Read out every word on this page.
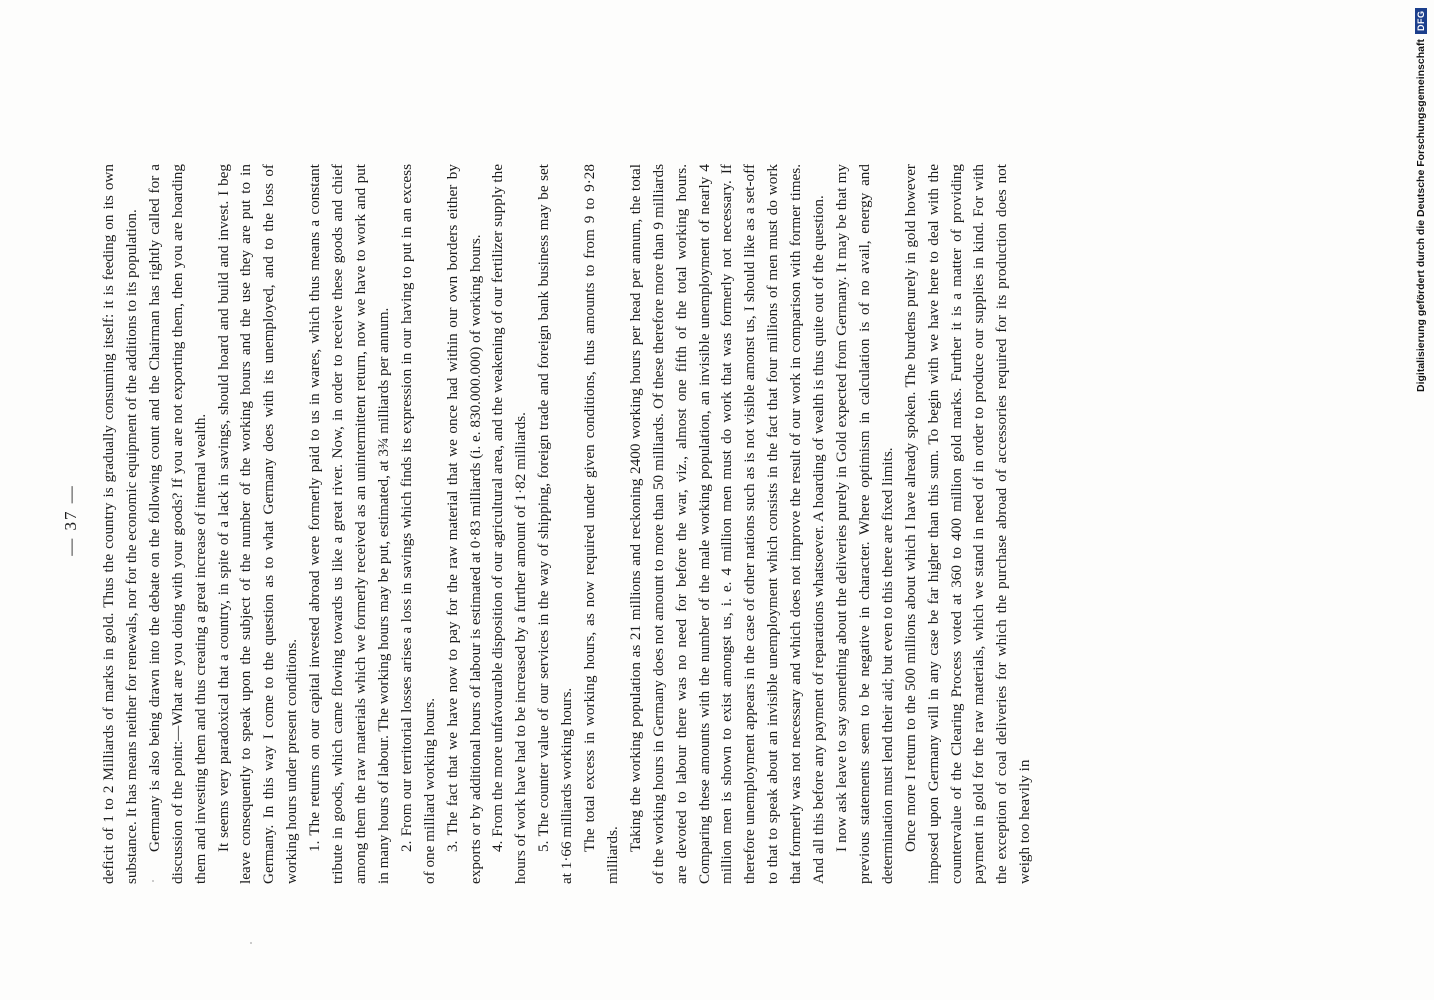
— 37 — deficit of 1 to 2 Milliards of marks in gold. Thus the country is gradually consuming itself: it is feeding on its own substance. It has means neither for renewals, nor for the economic equipment of the additions to its population. Germany is also being drawn into the debate on the following count and the Chairman has rightly called for a discussion of the point:—What are you doing with your goods? If you are not exporting them, then you are hoarding them and investing them and thus creating a great increase of internal wealth. It seems very paradoxical that a country, in spite of a lack in savings, should hoard and build and invest. I beg leave consequently to speak upon the subject of the number of the working hours and the use they are put to in Germany. In this way I come to the question as to what Germany does with its unemployed, and to the loss of working hours under present conditions. 1. The returns on our capital invested abroad were formerly paid to us in wares, which thus means a constant tribute in goods, which came flowing towards us like a great river. Now, in order to receive these goods and chief among them the raw materials which we formerly received as an unintermittent return, now we have to work and put in many hours of labour. The working hours may be put, estimated, at 3¾ milliards per annum. 2. From our territorial losses arises a loss in savings which finds its expression in our having to put in an excess of one milliard working hours. 3. The fact that we have now to pay for the raw material that we once had within our own borders either by exports or by additional hours of labour is estimated at 0·83 milliards (i. e. 830.000.000) of working hours. 4. From the more unfavourable disposition of our agricultural area, and the weakening of our fertilizer supply the hours of work have had to be increased by a further amount of 1·82 milliards. 5. The counter value of our services in the way of shipping, foreign trade and foreign bank business may be set at 1·66 milliards working hours. The total excess in working hours, as now required under given conditions, thus amounts to from 9 to 9·28 milliards.

Taking the working population as 21 millions and reckoning 2400 working hours per head per annum, the total of the working hours in Germany does not amount to more than 50 milliards. Of these therefore more than 9 milliards are devoted to labour there was no need for before the war, viz., almost one fifth of the total working hours. Comparing these amounts with the number of the male working population, an invisible unemployment of nearly 4 million men is shown to exist amongst us, i. e. 4 million men must do work that was formerly not necessary. If therefore unemployment appears in the case of other nations such as is not visible amonst us, I should like as a set-off to that to speak about an invisible unemployment which consists in the fact that four millions of men must do work that formerly was not necessary and which does not improve the result of our work in comparison with former times. And all this before any payment of reparations whatsoever. A hoarding of wealth is thus quite out of the question. I now ask leave to say something about the deliveries purely in Gold expected from Germany. It may be that my previous statements seem to be negative in character. Where optimism in calculation is of no avail, energy and determination must lend their aid; but even to this there are fixed limits. Once more I return to the 500 millions about which I have already spoken. The burdens purely in gold however imposed upon Germany will in any case be far higher than this sum. To begin with we have here to deal with the countervalue of the Clearing Process voted at 360 to 400 million gold marks. Further it is a matter of providing payment in gold for the raw materials, which we stand in need of in order to produce our supplies in kind. For with the exception of coal deliveries for which the purchase abroad of accessories required for its production does not weigh too heavily in

Digitalisierung gefördert durch die Deutsche Forschungsgemeinschaft
DFG
